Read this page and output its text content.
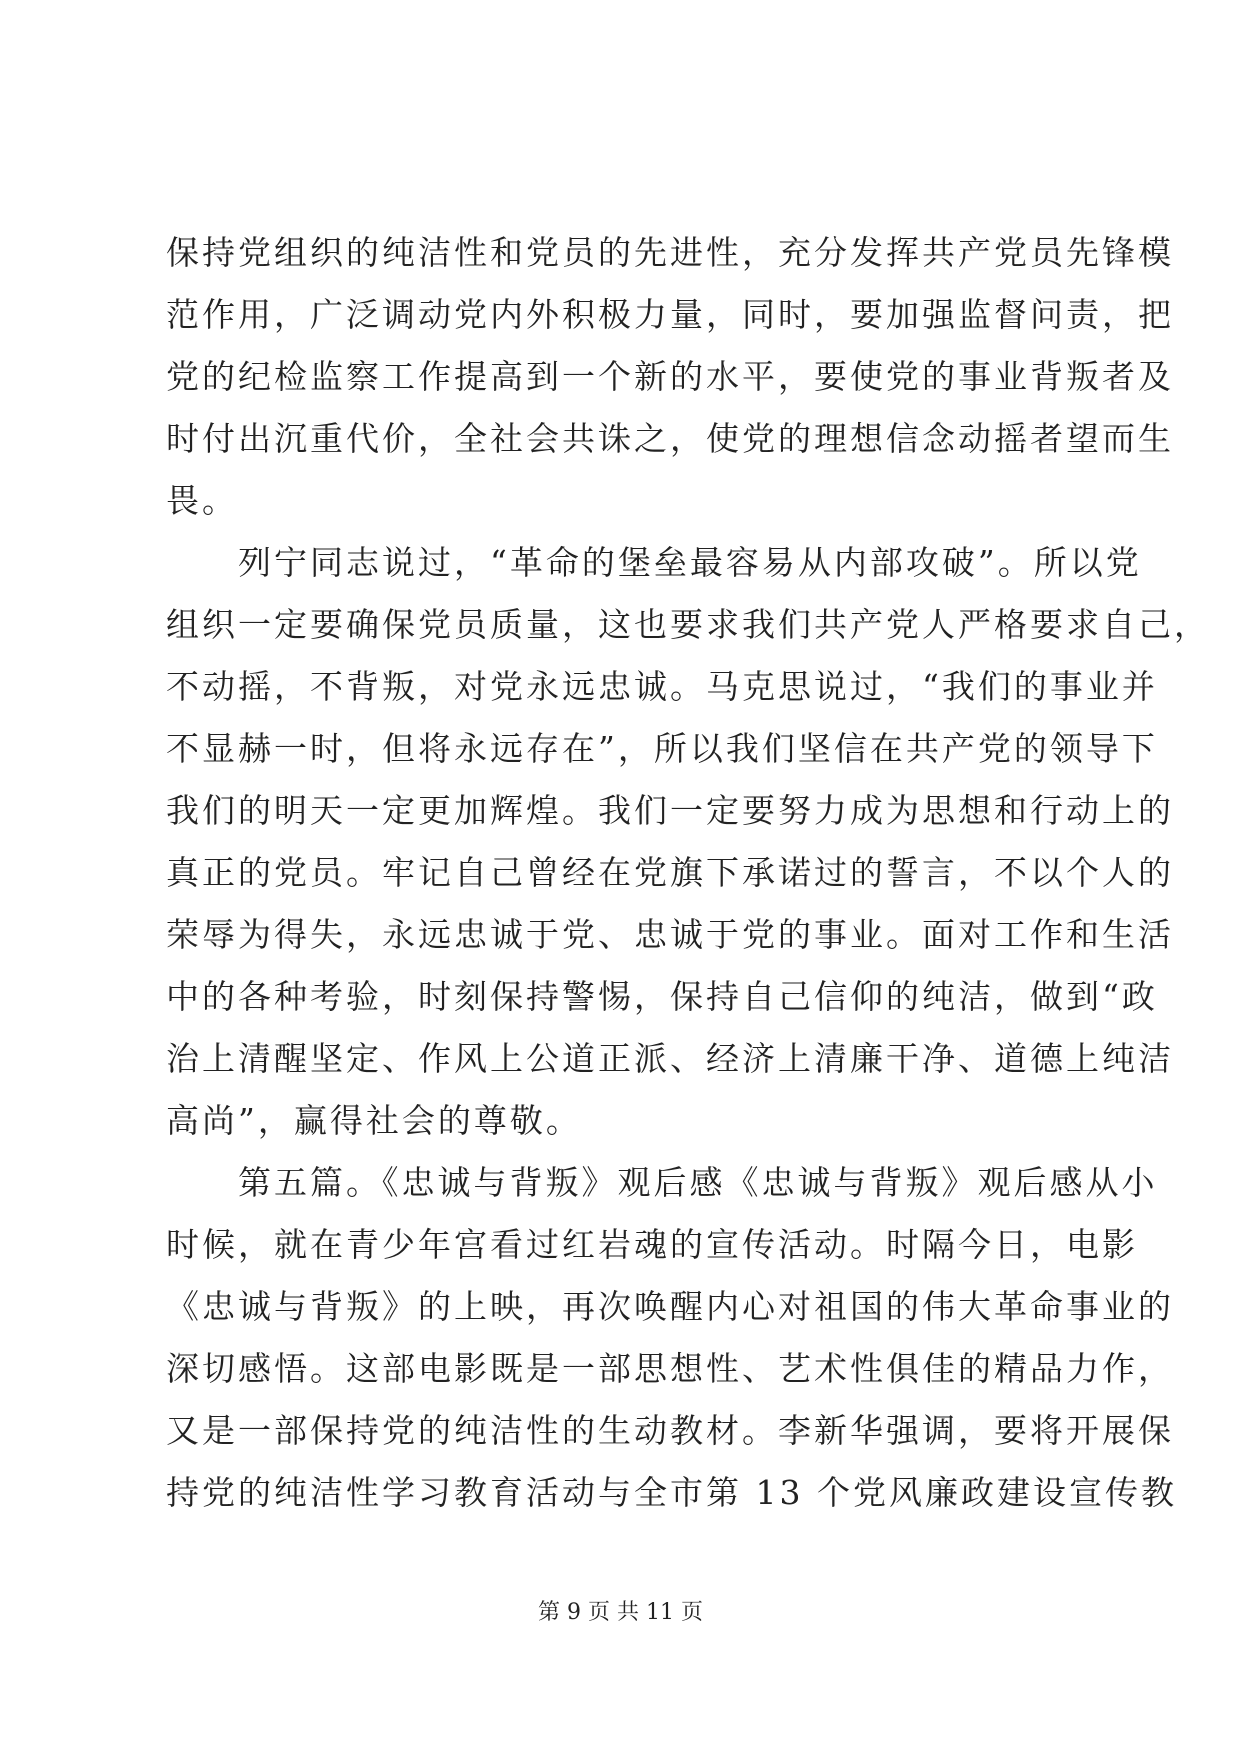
保持党组织的纯洁性和党员的先进性，充分发挥共产党员先锋模
范作用，广泛调动党内外积极力量，同时，要加强监督问责，把
党的纪检监察工作提高到一个新的水平，要使党的事业背叛者及
时付出沉重代价，全社会共诛之，使党的理想信念动摇者望而生
畏。
　　列宁同志说过，“革命的堡垒最容易从内部攻破”。所以党
组织一定要确保党员质量，这也要求我们共产党人严格要求自己，
不动摇，不背叛，对党永远忠诚。马克思说过，“我们的事业并
不显赫一时，但将永远存在”，所以我们坚信在共产党的领导下
我们的明天一定更加辉煌。我们一定要努力成为思想和行动上的
真正的党员。牢记自己曾经在党旗下承诺过的誓言，不以个人的
荣辱为得失，永远忠诚于党、忠诚于党的事业。面对工作和生活
中的各种考验，时刻保持警惕，保持自己信仰的纯洁，做到“政
治上清醒坚定、作风上公道正派、经济上清廉干净、道德上纯洁
高尚”，赢得社会的尊敬。
　　第五篇。《忠诚与背叛》观后感《忠诚与背叛》观后感从小
时候，就在青少年宫看过红岩魂的宣传活动。时隔今日，电影
《忠诚与背叛》的上映，再次唤醒内心对祖国的伟大革命事业的
深切感悟。这部电影既是一部思想性、艺术性俱佳的精品力作，
又是一部保持党的纯洁性的生动教材。李新华强调，要将开展保
持党的纯洁性学习教育活动与全市第 13 个党风廉政建设宣传教
第 9 页 共 11 页
